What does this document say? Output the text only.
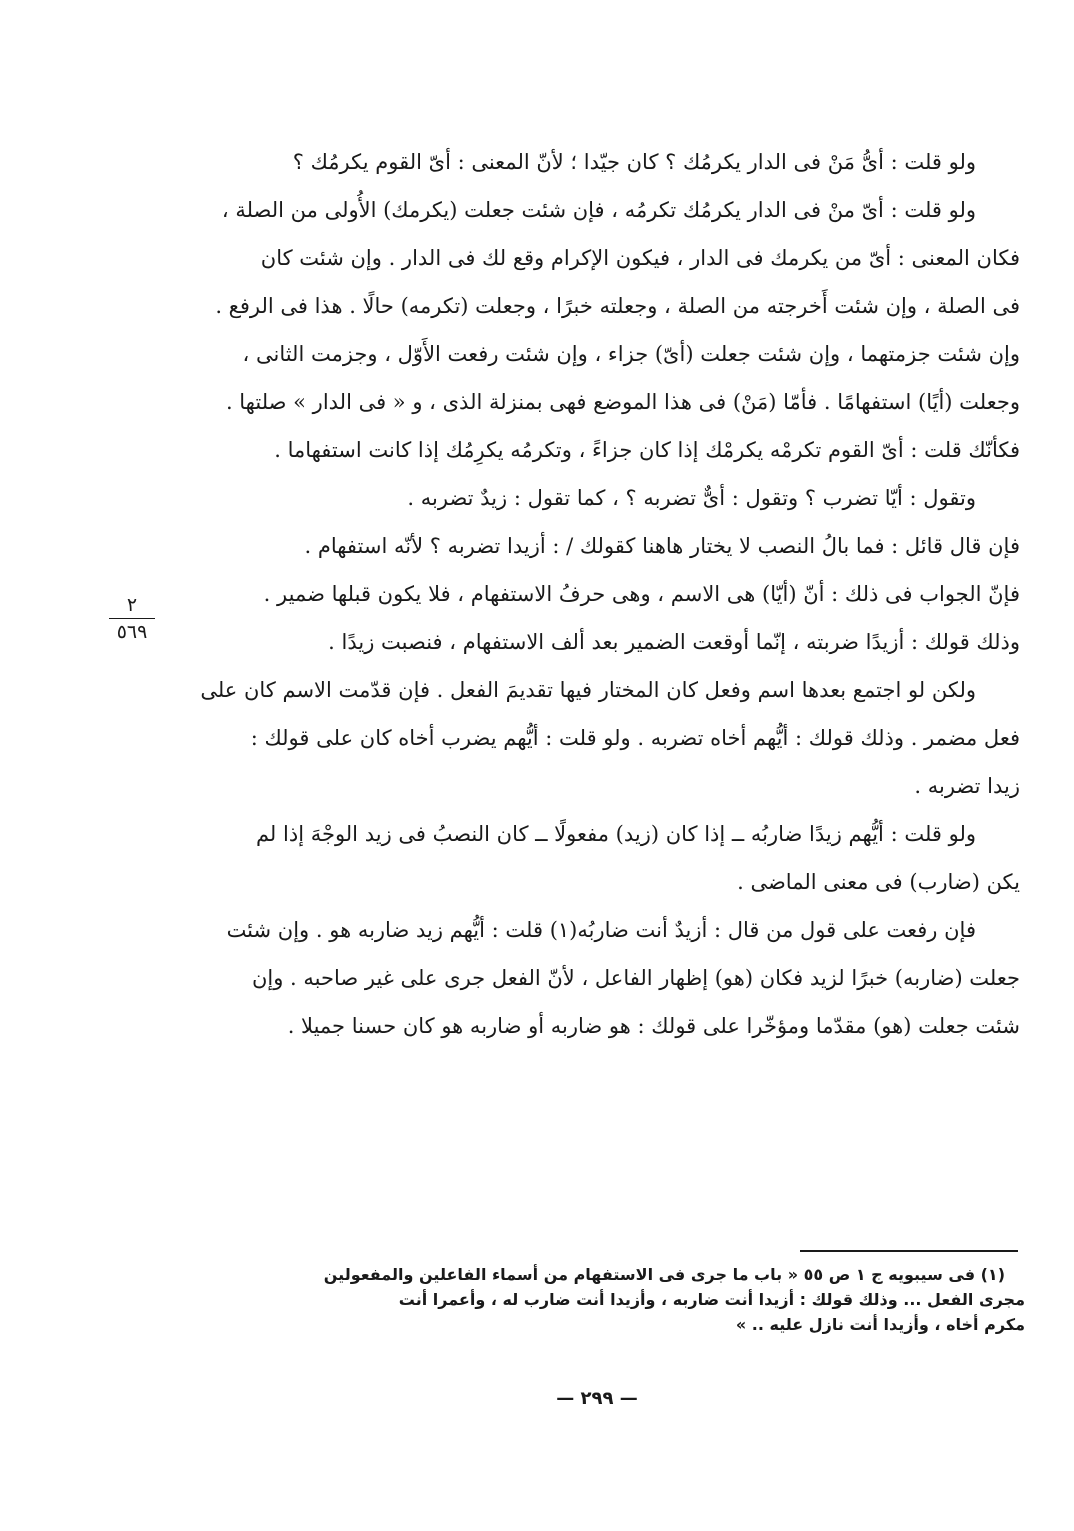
ولو قلت : أىُّ مَنْ فى الدار يكرمُك ؟ كان جيّدا ؛ لأنّ المعنى : أىّ القوم يكرمُك ؟
ولو قلت : أىّ منْ فى الدار يكرمُك تكرمُه ، فإن شئت جعلت (يكرمك) الأُولى من الصلة ،
فكان المعنى : أىّ من يكرمك فى الدار ، فيكون الإكرام وقع لك فى الدار . وإن شئت كان
فى الصلة ، وإن شئت أَخرجته من الصلة ، وجعلته خبرًا ، وجعلت (تكرمه) حالًا . هذا فى الرفع .
وإن شئت جزمتهما ، وإن شئت جعلت (أىّ) جزاء ، وإن شئت رفعت الأَوّل ، وجزمت الثانى ،
وجعلت (أيًا) استفهامًا . فأمّا (مَنْ) فى هذا الموضع فهى بمنزلة الذى ، و « فى الدار » صلتها .
فكأنّك قلت : أىّ القوم تكرمْه يكرمْك إذا كان جزاءً ، وتكرمُه يكرِمُك إذا كانت استفهاما .
وتقول : أيّا تضرب ؟ وتقول : أىٌّ تضربه ؟ ، كما تقول : زيدٌ تضربه .
فإن قال قائل : فما بالُ النصب لا يختار هاهنا كقولك / : أزيدا تضربه ؟ لأنّه استفهام .
فإنّ الجواب فى ذلك : أنّ (أيّا) هى الاسم ، وهى حرفُ الاستفهام ، فلا يكون قبلها ضمير .
وذلك قولك : أزيدًا ضربته ، إنّما أوقعت الضمير بعد ألف الاستفهام ، فنصبت زيدًا .
ولكن لو اجتمع بعدها اسم وفعل كان المختار فيها تقديمَ الفعل . فإن قدّمت الاسم كان على
فعل مضمر . وذلك قولك : أيُّهم أخاه تضربه . ولو قلت : أيُّهم يضرب أخاه كان على قولك :
زيدا تضربه .
ولو قلت : أيُّهم زيدًا ضاربُه ــ إذا كان (زيد) مفعولًا ــ كان النصبُ فى زيد الوجْهَ إذا لم
يكن (ضارب) فى معنى الماضى .
فإن رفعت على قول من قال : أزيدٌ أنت ضاربُه(١) قلت : أيُّهم زيد ضاربه هو . وإن شئت
جعلت (ضاربه) خبرًا لزيد فكان (هو) إظهار الفاعل ، لأنّ الفعل جرى على غير صاحبه . وإن
شئت جعلت (هو) مقدّما ومؤخّرا على قولك : هو ضاربه أو ضاربه هو كان حسنا جميلا .
٢
٥٦٩
(١) فى سيبويه ج ١ ص ٥٥ « باب ما جرى فى الاستفهام من أسماء الفاعلين والمفعولين
مجرى الفعل ... وذلك قولك : أزيدا أنت ضاربه ، وأزيدا أنت ضارب له ، وأعمرا أنت
مكرم أخاه ، وأزيدا أنت نازل عليه .. »
— ٢٩٩ —
